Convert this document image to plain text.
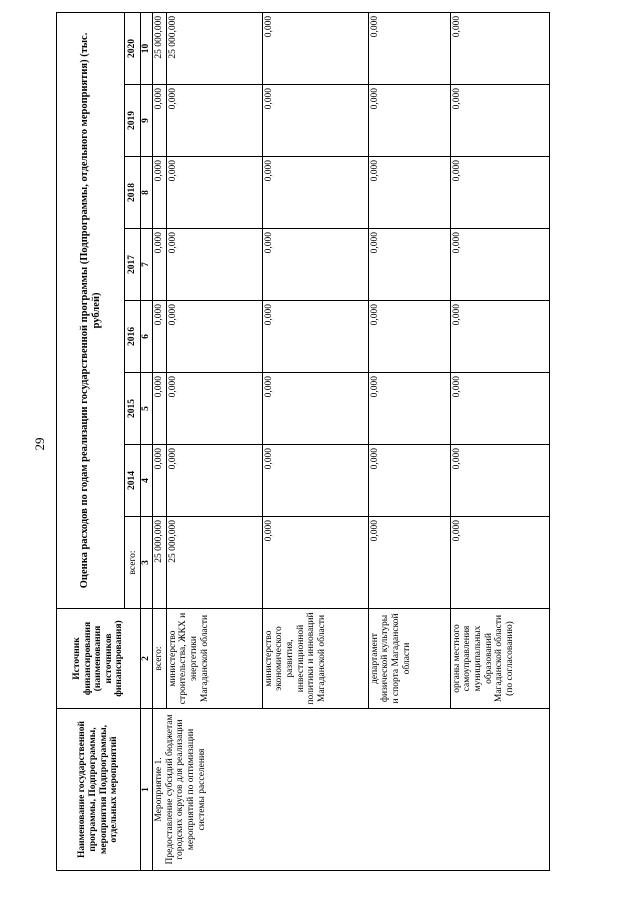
29
Наименование государственной программы, Подпрограммы, мероприятия Подпрограммы, отдельных мероприятий	Источник финансирования (наименования источников финансирования)	Оценка расходов по годам реализации государственной программы (Подпрограммы, отдельного мероприятия) (тыс. рублей)							
		всего:	2014	2015	2016	2017	2018	2019	2020
1	2	3	4	5	6	7	8	9	10

Мероприятие 1. Предоставление субсидий бюджетам городских округов для реализации мероприятий по оптимизации системы расселения	всего:	25 000,000	0,000	0,000	0,000	0,000	0,000	0,000	25 000,000
	министерство строительства, ЖКХ и энергетики Магаданской области	25 000,000	0,000	0,000	0,000	0,000	0,000	0,000	25 000,000
	министерство экономического развития, инвестиционной политики и инноваций Магаданской области	0,000	0,000	0,000	0,000	0,000	0,000	0,000	0,000
	департамент физической культуры и спорта Магаданской области	0,000	0,000	0,000	0,000	0,000	0,000	0,000	0,000
	органы местного самоуправления муниципальных образований Магаданской области (по согласованию)	0,000	0,000	0,000	0,000	0,000	0,000	0,000	0,000
